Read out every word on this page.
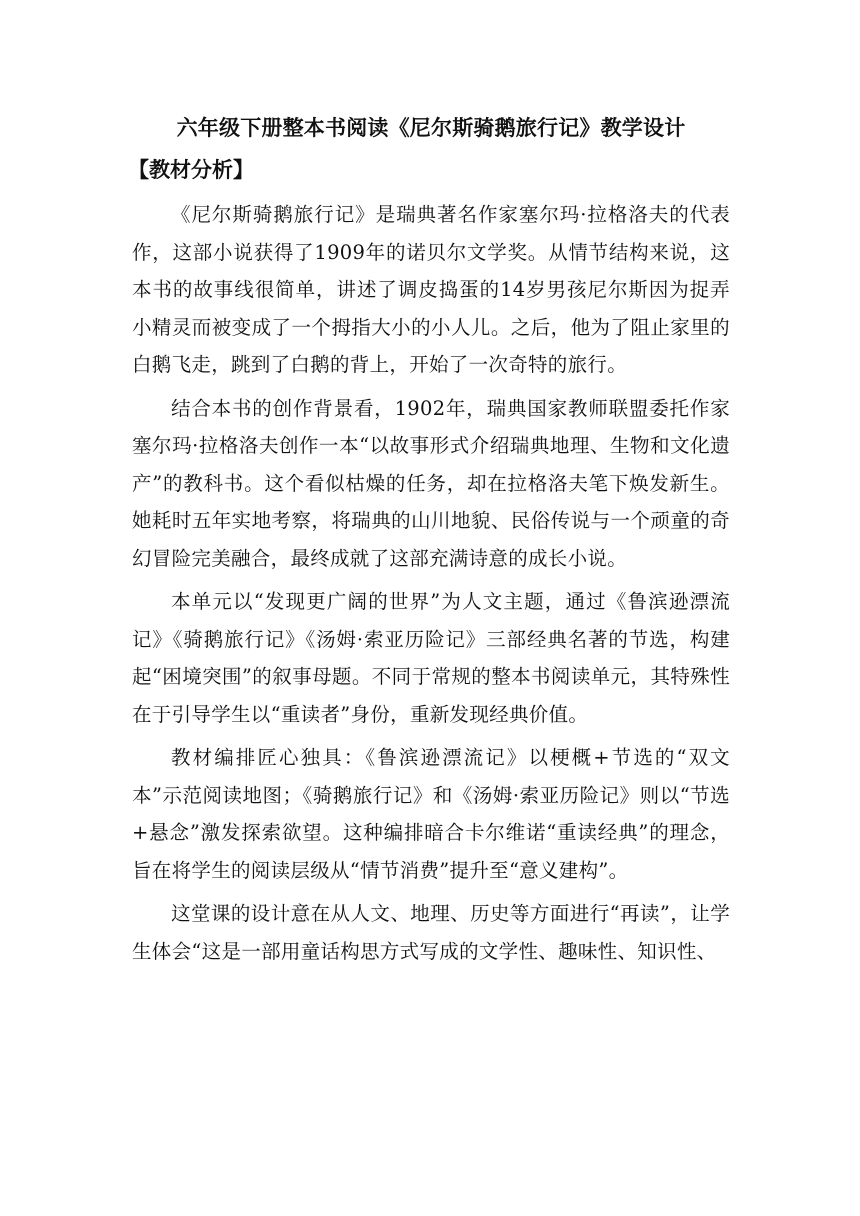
六年级下册整本书阅读《尼尔斯骑鹅旅行记》教学设计
【教材分析】

《尼尔斯骑鹅旅行记》是瑞典著名作家塞尔玛·拉格洛夫的代表作，这部小说获得了1909年的诺贝尔文学奖。从情节结构来说，这本书的故事线很简单，讲述了调皮捣蛋的14岁男孩尼尔斯因为捉弄小精灵而被变成了一个拇指大小的小人儿。之后，他为了阻止家里的白鹅飞走，跳到了白鹅的背上，开始了一次奇特的旅行。

结合本书的创作背景看，1902年，瑞典国家教师联盟委托作家塞尔玛·拉格洛夫创作一本“以故事形式介绍瑞典地理、生物和文化遗产”的教科书。这个看似枯燥的任务，却在拉格洛夫笔下焕发新生。她耗时五年实地考察，将瑞典的山川地貌、民俗传说与一个顽童的奇幻冒险完美融合，最终成就了这部充满诗意的成长小说。

本单元以“发现更广阔的世界”为人文主题，通过《鲁滨逊漂流记》《骑鹅旅行记》《汤姆·索亚历险记》三部经典名著的节选，构建起“困境突围”的叙事母题。不同于常规的整本书阅读单元，其特殊性在于引导学生以“重读者”身份，重新发现经典价值。

教材编排匠心独具：《鲁滨逊漂流记》以梗概+节选的“双文本”示范阅读地图；《骑鹅旅行记》和《汤姆·索亚历险记》则以“节选+悬念”激发探索欲望。这种编排暗合卡尔维诺“重读经典”的理念，旨在将学生的阅读层级从“情节消费”提升至“意义建构”。

这堂课的设计意在从人文、地理、历史等方面进行“再读”，让学生体会“这是一部用童话构思方式写成的文学性、趣味性、知识性、
